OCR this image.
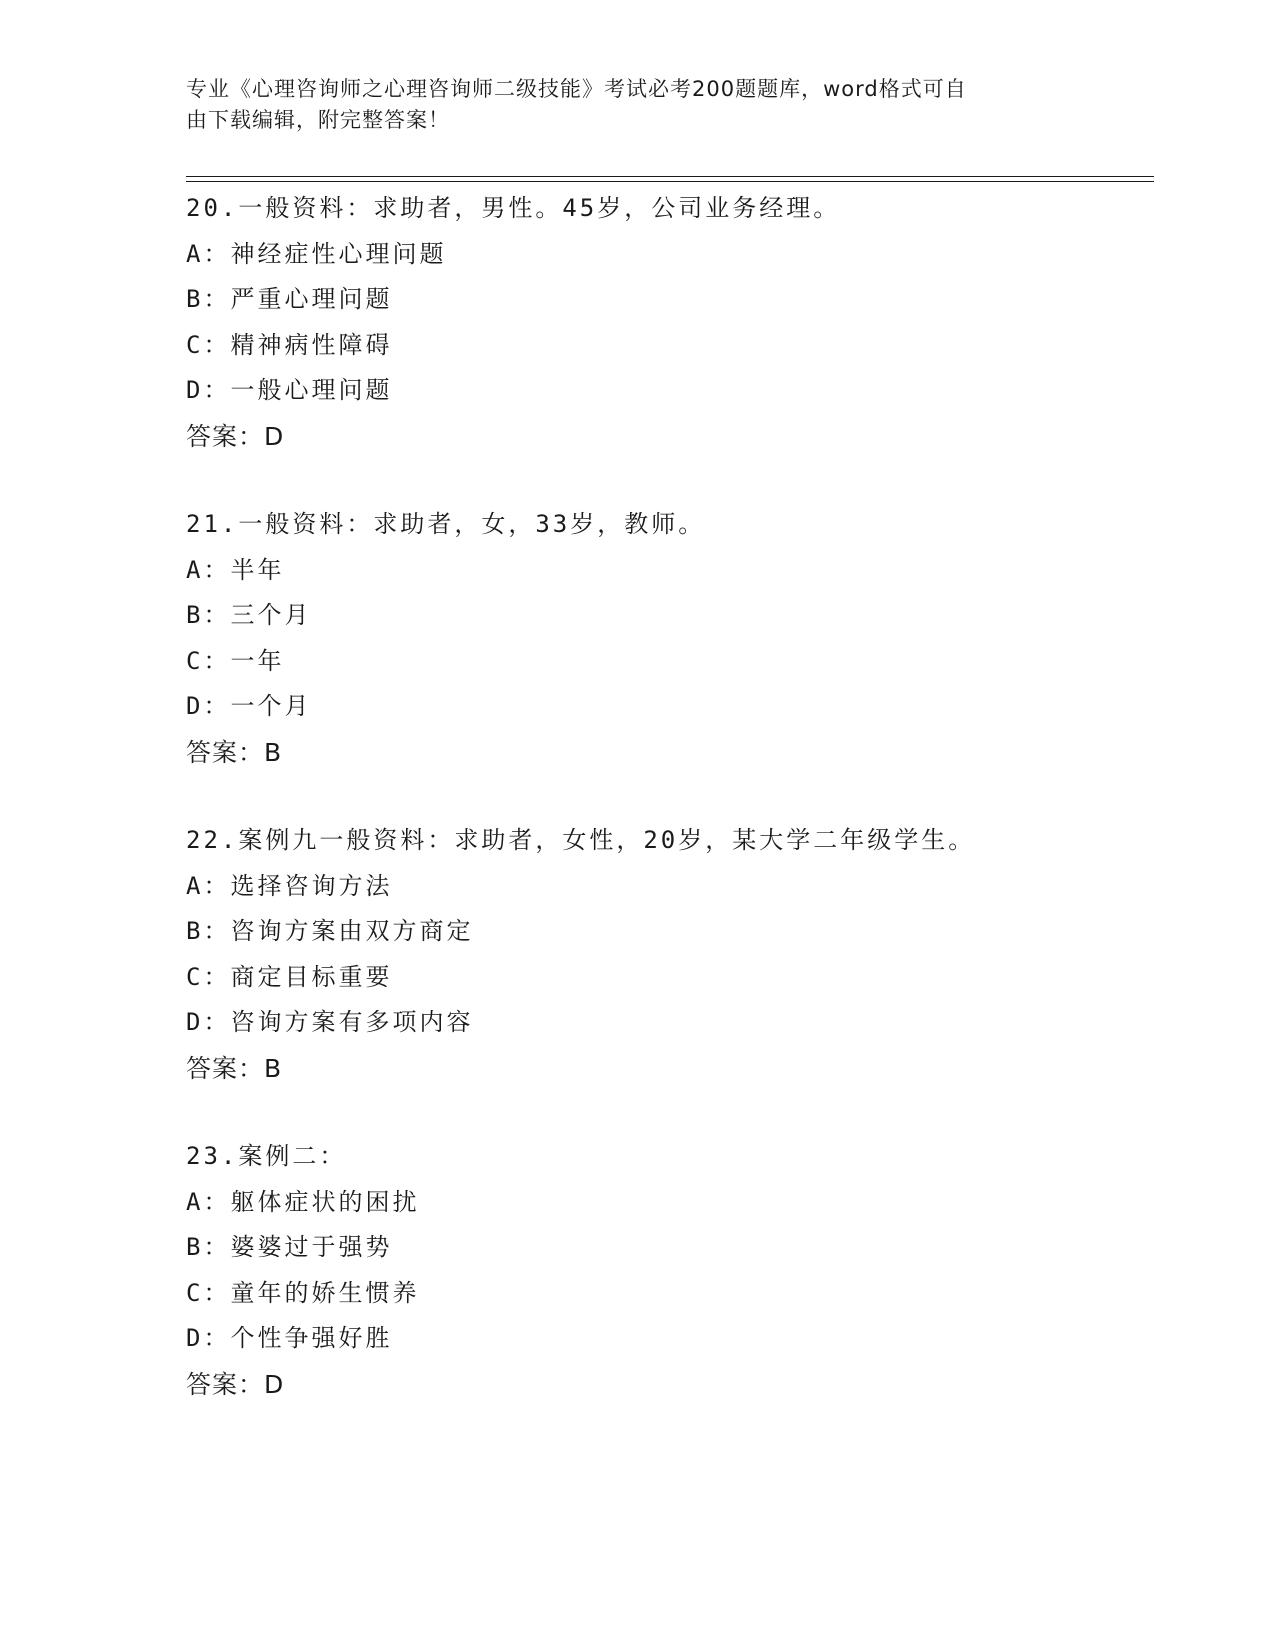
专业《心理咨询师之心理咨询师二级技能》考试必考200题题库，word格式可自
由下载编辑，附完整答案！
20.一般资料：求助者，男性。45岁，公司业务经理。
A：神经症性心理问题
B：严重心理问题
C：精神病性障碍
D：一般心理问题
答案：D
21.一般资料：求助者，女，33岁，教师。
A：半年
B：三个月
C：一年
D：一个月
答案：B
22.案例九一般资料：求助者，女性，20岁，某大学二年级学生。
A：选择咨询方法
B：咨询方案由双方商定
C：商定目标重要
D：咨询方案有多项内容
答案：B
23.案例二：
A：躯体症状的困扰
B：婆婆过于强势
C：童年的娇生惯养
D：个性争强好胜
答案：D
